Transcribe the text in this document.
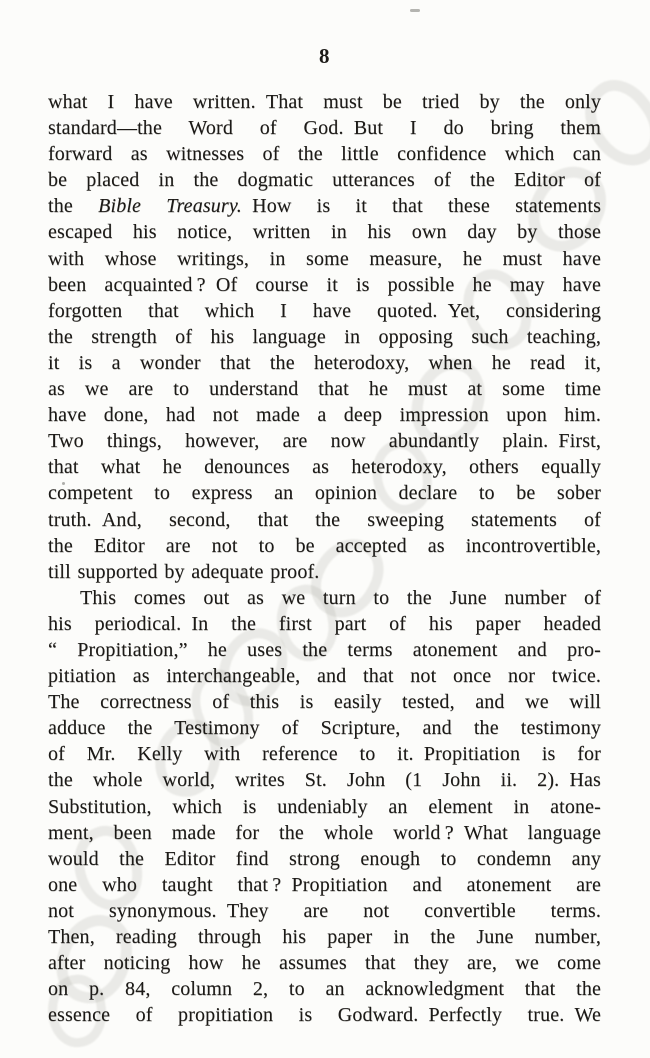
8
what I have written. That must be tried by the only
standard—the Word of God. But I do bring them
forward as witnesses of the little confidence which can
be placed in the dogmatic utterances of the Editor of
the Bible Treasury. How is it that these statements
escaped his notice, written in his own day by those
with whose writings, in some measure, he must have
been acquainted ? Of course it is possible he may have
forgotten that which I have quoted. Yet, considering
the strength of his language in opposing such teaching,
it is a wonder that the heterodoxy, when he read it,
as we are to understand that he must at some time
have done, had not made a deep impression upon him.
Two things, however, are now abundantly plain. First,
that what he denounces as heterodoxy, others equally
competent to express an opinion declare to be sober
truth. And, second, that the sweeping statements of
the Editor are not to be accepted as incontrovertible,
till supported by adequate proof.
This comes out as we turn to the June number of
his periodical. In the first part of his paper headed
“ Propitiation,” he uses the terms atonement and pro-
pitiation as interchangeable, and that not once nor twice.
The correctness of this is easily tested, and we will
adduce the Testimony of Scripture, and the testimony
of Mr. Kelly with reference to it. Propitiation is for
the whole world, writes St. John (1 John ii. 2). Has
Substitution, which is undeniably an element in atone-
ment, been made for the whole world ? What language
would the Editor find strong enough to condemn any
one who taught that ? Propitiation and atonement are
not synonymous. They are not convertible terms.
Then, reading through his paper in the June number,
after noticing how he assumes that they are, we come
on p. 84, column 2, to an acknowledgment that the
essence of propitiation is Godward. Perfectly true. We
